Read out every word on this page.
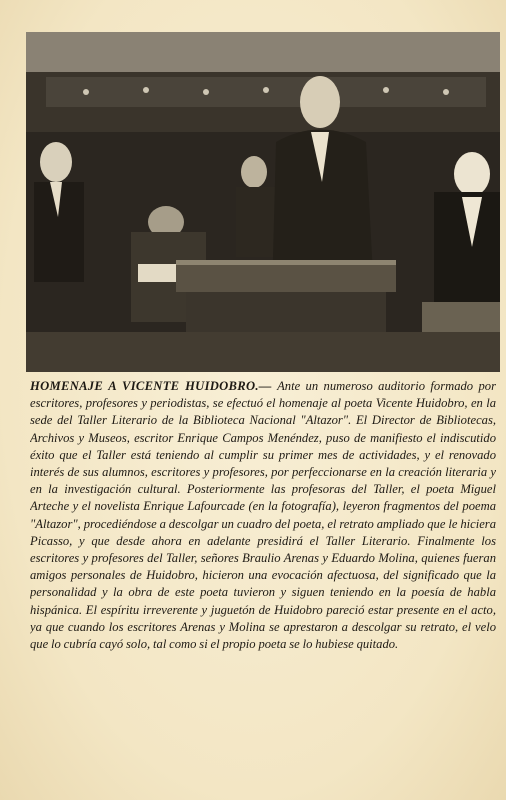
HOMENAJE A VICENTE HUIDOBRO.— Ante un numeroso auditorio formado por escritores, profesores y periodistas, se efectuó el homenaje al poeta Vicente Huidobro, en la sede del Taller Literario de la Biblioteca Nacional "Altazor". El Director de Bibliotecas, Archivos y Museos, escritor Enrique Campos Menéndez, puso de manifiesto el indiscutido éxito que el Taller está teniendo al cumplir su primer mes de actividades, y el renovado interés de sus alumnos, escritores y profesores, por perfeccionarse en la creación literaria y en la investigación cultural. Posteriormente las profesoras del Taller, el poeta Miguel Arteche y el novelista Enrique Lafourcade (en la fotografía), leyeron fragmentos del poema "Altazor", procediéndose a descolgar un cuadro del poeta, el retrato ampliado que le hiciera Picasso, y que desde ahora en adelante presidirá el Taller Literario. Finalmente los escritores y profesores del Taller, señores Braulio Arenas y Eduardo Molina, quienes fueran amigos personales de Huidobro, hicieron una evocación afectuosa, del significado que la personalidad y la obra de este poeta tuvieron y siguen teniendo en la poesía de habla hispánica. El espíritu irreverente y juguetón de Huidobro pareció estar presente en el acto, ya que cuando los escritores Arenas y Molina se aprestaron a descolgar su retrato, el velo que lo cubría cayó solo, tal como si el propio poeta se lo hubiese quitado.
